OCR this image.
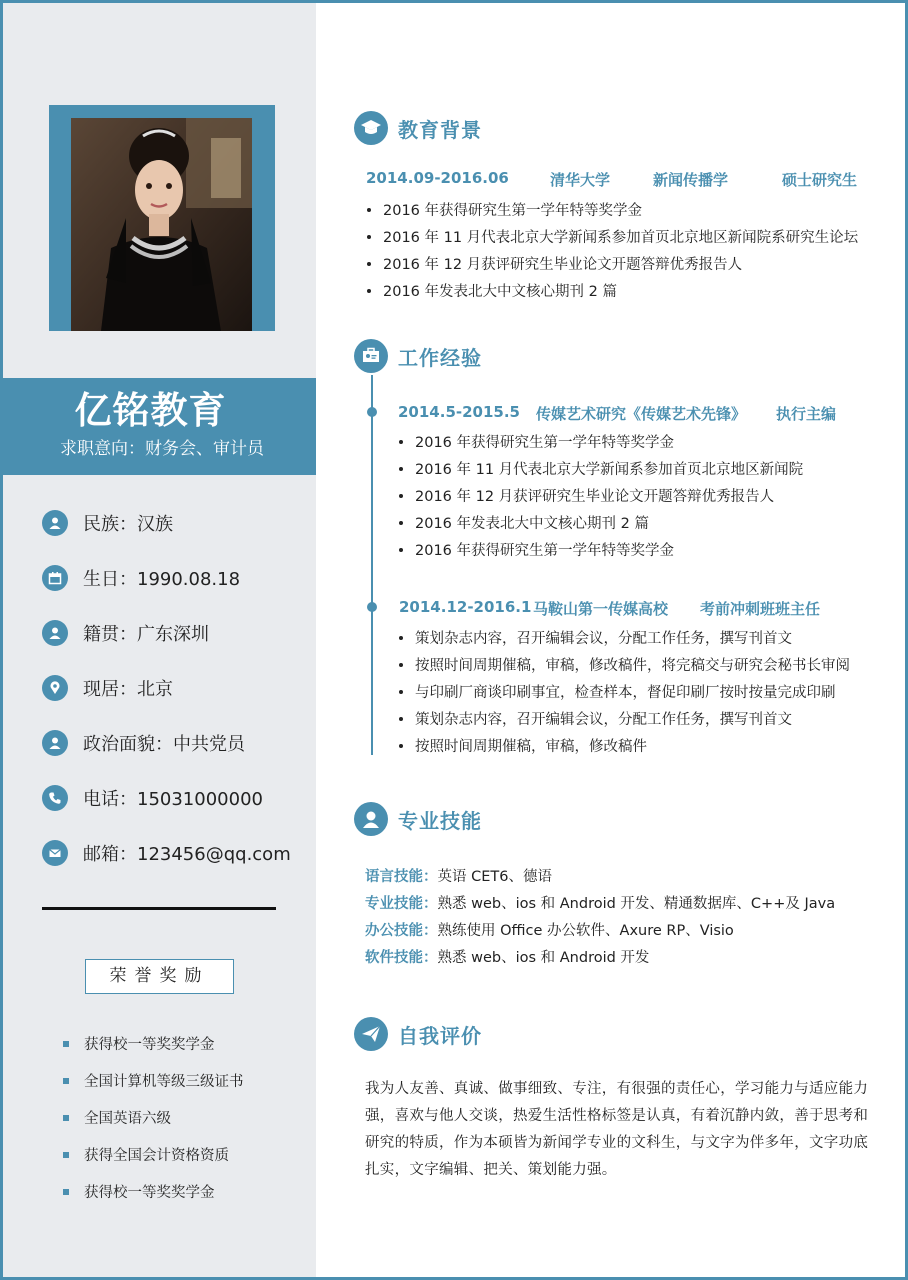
亿铭教育
求职意向：财务会、审计员
民族：汉族
生日：1990.08.18
籍贯：广东深圳
现居：北京
政治面貌：中共党员
电话：15031000000
邮箱：123456@qq.com
荣誉奖励
获得校一等奖奖学金
全国计算机等级三级证书
全国英语六级
获得全国会计资格资质
获得校一等奖奖学金
教育背景
2014.09-2016.06	清华大学	新闻传播学	硕士研究生
2016 年获得研究生第一学年特等奖学金
2016 年 11 月代表北京大学新闻系参加首页北京地区新闻院系研究生论坛
2016 年 12 月获评研究生毕业论文开题答辩优秀报告人
2016 年发表北大中文核心期刊 2 篇
工作经验
2014.5-2015.5 传媒艺术研究《传媒艺术先锋》 执行主编
2016 年获得研究生第一学年特等奖学金
2016 年 11 月代表北京大学新闻系参加首页北京地区新闻院
2016 年 12 月获评研究生毕业论文开题答辩优秀报告人
2016 年发表北大中文核心期刊 2 篇
2016 年获得研究生第一学年特等奖学金
2014.12-2016.1 马鞍山第一传媒高校 考前冲刺班班主任
策划杂志内容，召开编辑会议，分配工作任务，撰写刊首文
按照时间周期催稿，审稿，修改稿件，将完稿交与研究会秘书长审阅
与印刷厂商谈印刷事宜，检查样本，督促印刷厂按时按量完成印刷
策划杂志内容，召开编辑会议，分配工作任务，撰写刊首文
按照时间周期催稿，审稿，修改稿件
专业技能
语言技能：英语 CET6、德语
专业技能：熟悉 web、ios 和 Android 开发、精通数据库、C++及 Java
办公技能：熟练使用 Office 办公软件、Axure RP、Visio
软件技能：熟悉 web、ios 和 Android 开发
自我评价
我为人友善、真诚、做事细致、专注，有很强的责任心，学习能力与适应能力强，喜欢与他人交谈，热爱生活性格标签是认真，有着沉静内敛，善于思考和研究的特质，作为本硕皆为新闻学专业的文科生，与文字为伴多年，文字功底扎实，文字编辑、把关、策划能力强。
